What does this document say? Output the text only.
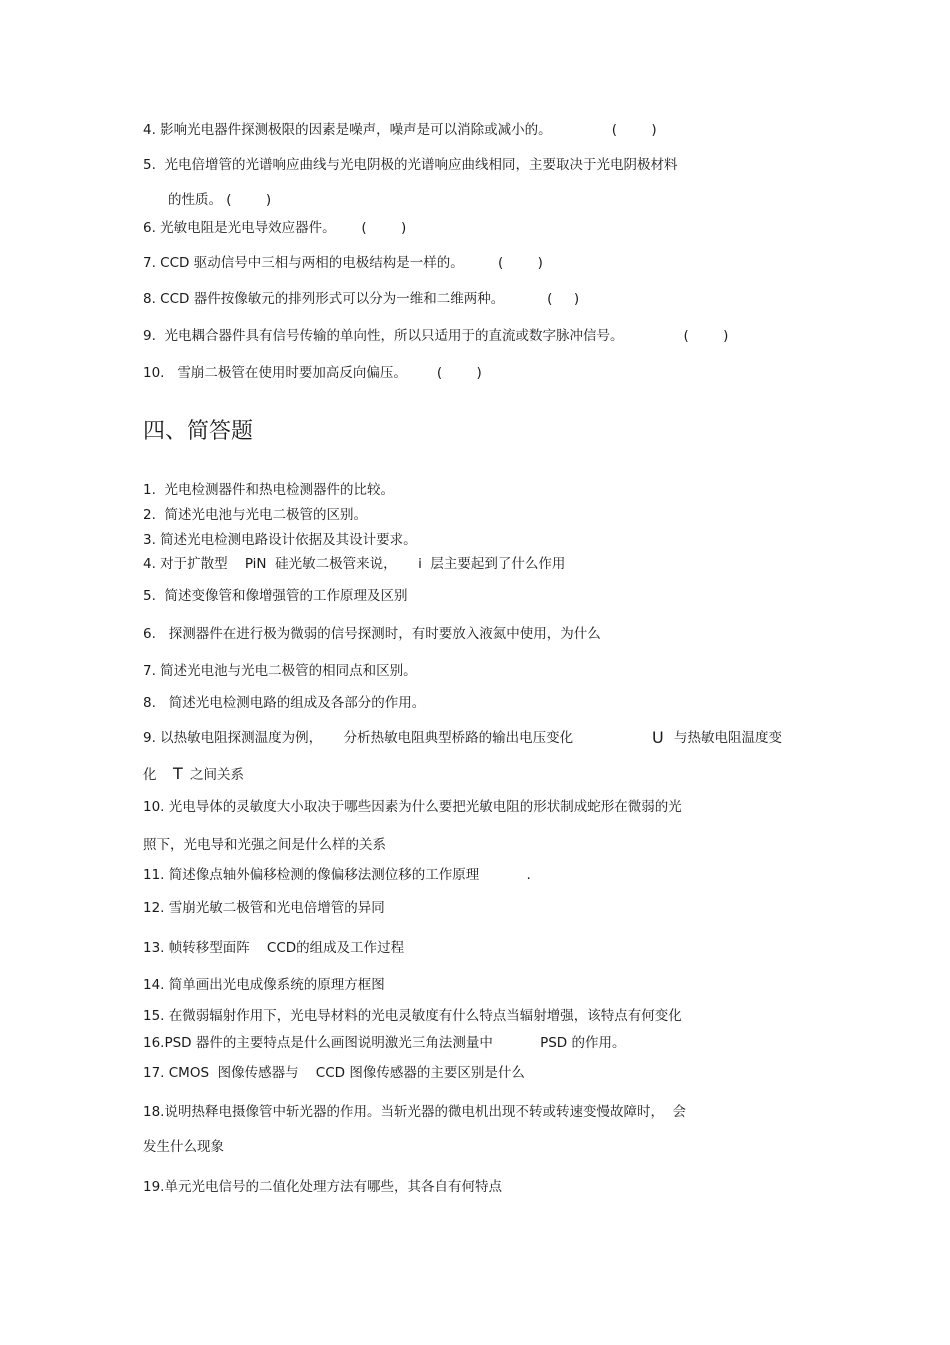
4. 影响光电器件探测极限的因素是噪声，噪声是可以消除或减小的。              (        )
5.  光电倍增管的光谱响应曲线与光电阴极的光谱响应曲线相同，主要取决于光电阴极材料
的性质。 (        )
6. 光敏电阻是光电导效应器件。      (        )
7. CCD 驱动信号中三相与两相的电极结构是一样的。        (        )
8. CCD 器件按像敏元的排列形式可以分为一维和二维两种。          (     )
9.  光电耦合器件具有信号传输的单向性，所以只适用于的直流或数字脉冲信号。              (        )
10.   雪崩二极管在使用时要加高反向偏压。       (        )
四、简答题
1.  光电检测器件和热电检测器件的比较。
2.  简述光电池与光电二极管的区别。
3. 简述光电检测电路设计依据及其设计要求。
4. 对于扩散型    PiN  硅光敏二极管来说，     i  层主要起到了什么作用
5.  简述变像管和像增强管的工作原理及区别
6.   探测器件在进行极为微弱的信号探测时，有时要放入液氮中使用，为什么
7. 简述光电池与光电二极管的相同点和区别。
8.   简述光电检测电路的组成及各部分的作用。
9. 以热敏电阻探测温度为例，     分析热敏电阻典型桥路的输出电压变化	U 与热敏电阻温度变
化 T 之间关系
10. 光电导体的灵敏度大小取决于哪些因素为什么要把光敏电阻的形状制成蛇形在微弱的光
照下，光电导和光强之间是什么样的关系
11. 简述像点轴外偏移检测的像偏移法测位移的工作原理           .
12. 雪崩光敏二极管和光电倍增管的异同
13. 帧转移型面阵    CCD的组成及工作过程
14. 简单画出光电成像系统的原理方框图
15. 在微弱辐射作用下，光电导材料的光电灵敏度有什么特点当辐射增强，该特点有何变化
16.PSD 器件的主要特点是什么画图说明激光三角法测量中           PSD 的作用。
17. CMOS  图像传感器与    CCD 图像传感器的主要区别是什么
18.说明热释电摄像管中斩光器的作用。当斩光器的微电机出现不转或转速变慢故障时，  会
发生什么现象
19.单元光电信号的二值化处理方法有哪些，其各自有何特点
